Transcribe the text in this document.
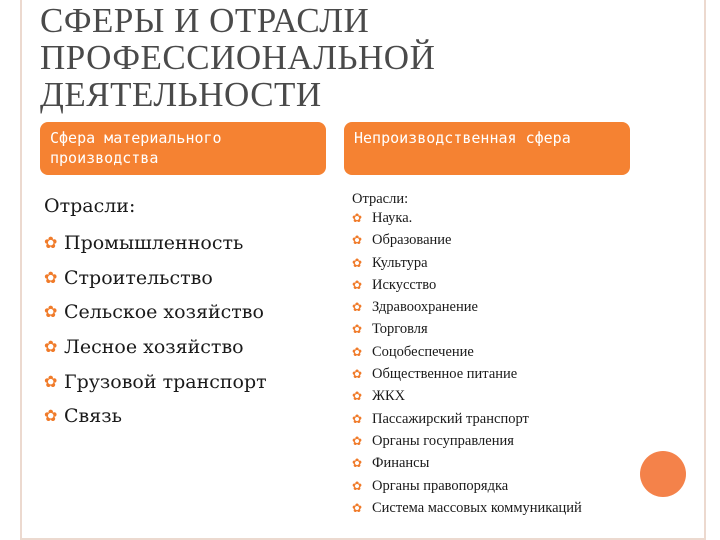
СФЕРЫ И ОТРАСЛИ ПРОФЕССИОНАЛЬНОЙ ДЕЯТЕЛЬНОСТИ
Сфера материального производства
Непроизводственная сфера
Отрасли:
✿ Промышленность
✿ Строительство
✿ Сельское хозяйство
✿ Лесное хозяйство
✿ Грузовой транспорт
✿ Связь
Отрасли:
✿ Наука.
✿ Образование
✿ Культура
✿ Искусство
✿ Здравоохранение
✿ Торговля
✿ Соцобеспечение
✿ Общественное питание
✿ ЖКХ
✿ Пассажирский транспорт
✿ Органы госуправления
✿ Финансы
✿ Органы правопорядка
✿ Система массовых коммуникаций
